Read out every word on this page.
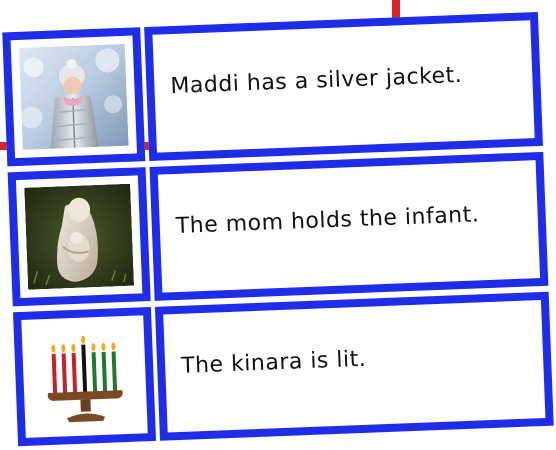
Maddi has a silver jacket.
The mom holds the infant.
The kinara is lit.
